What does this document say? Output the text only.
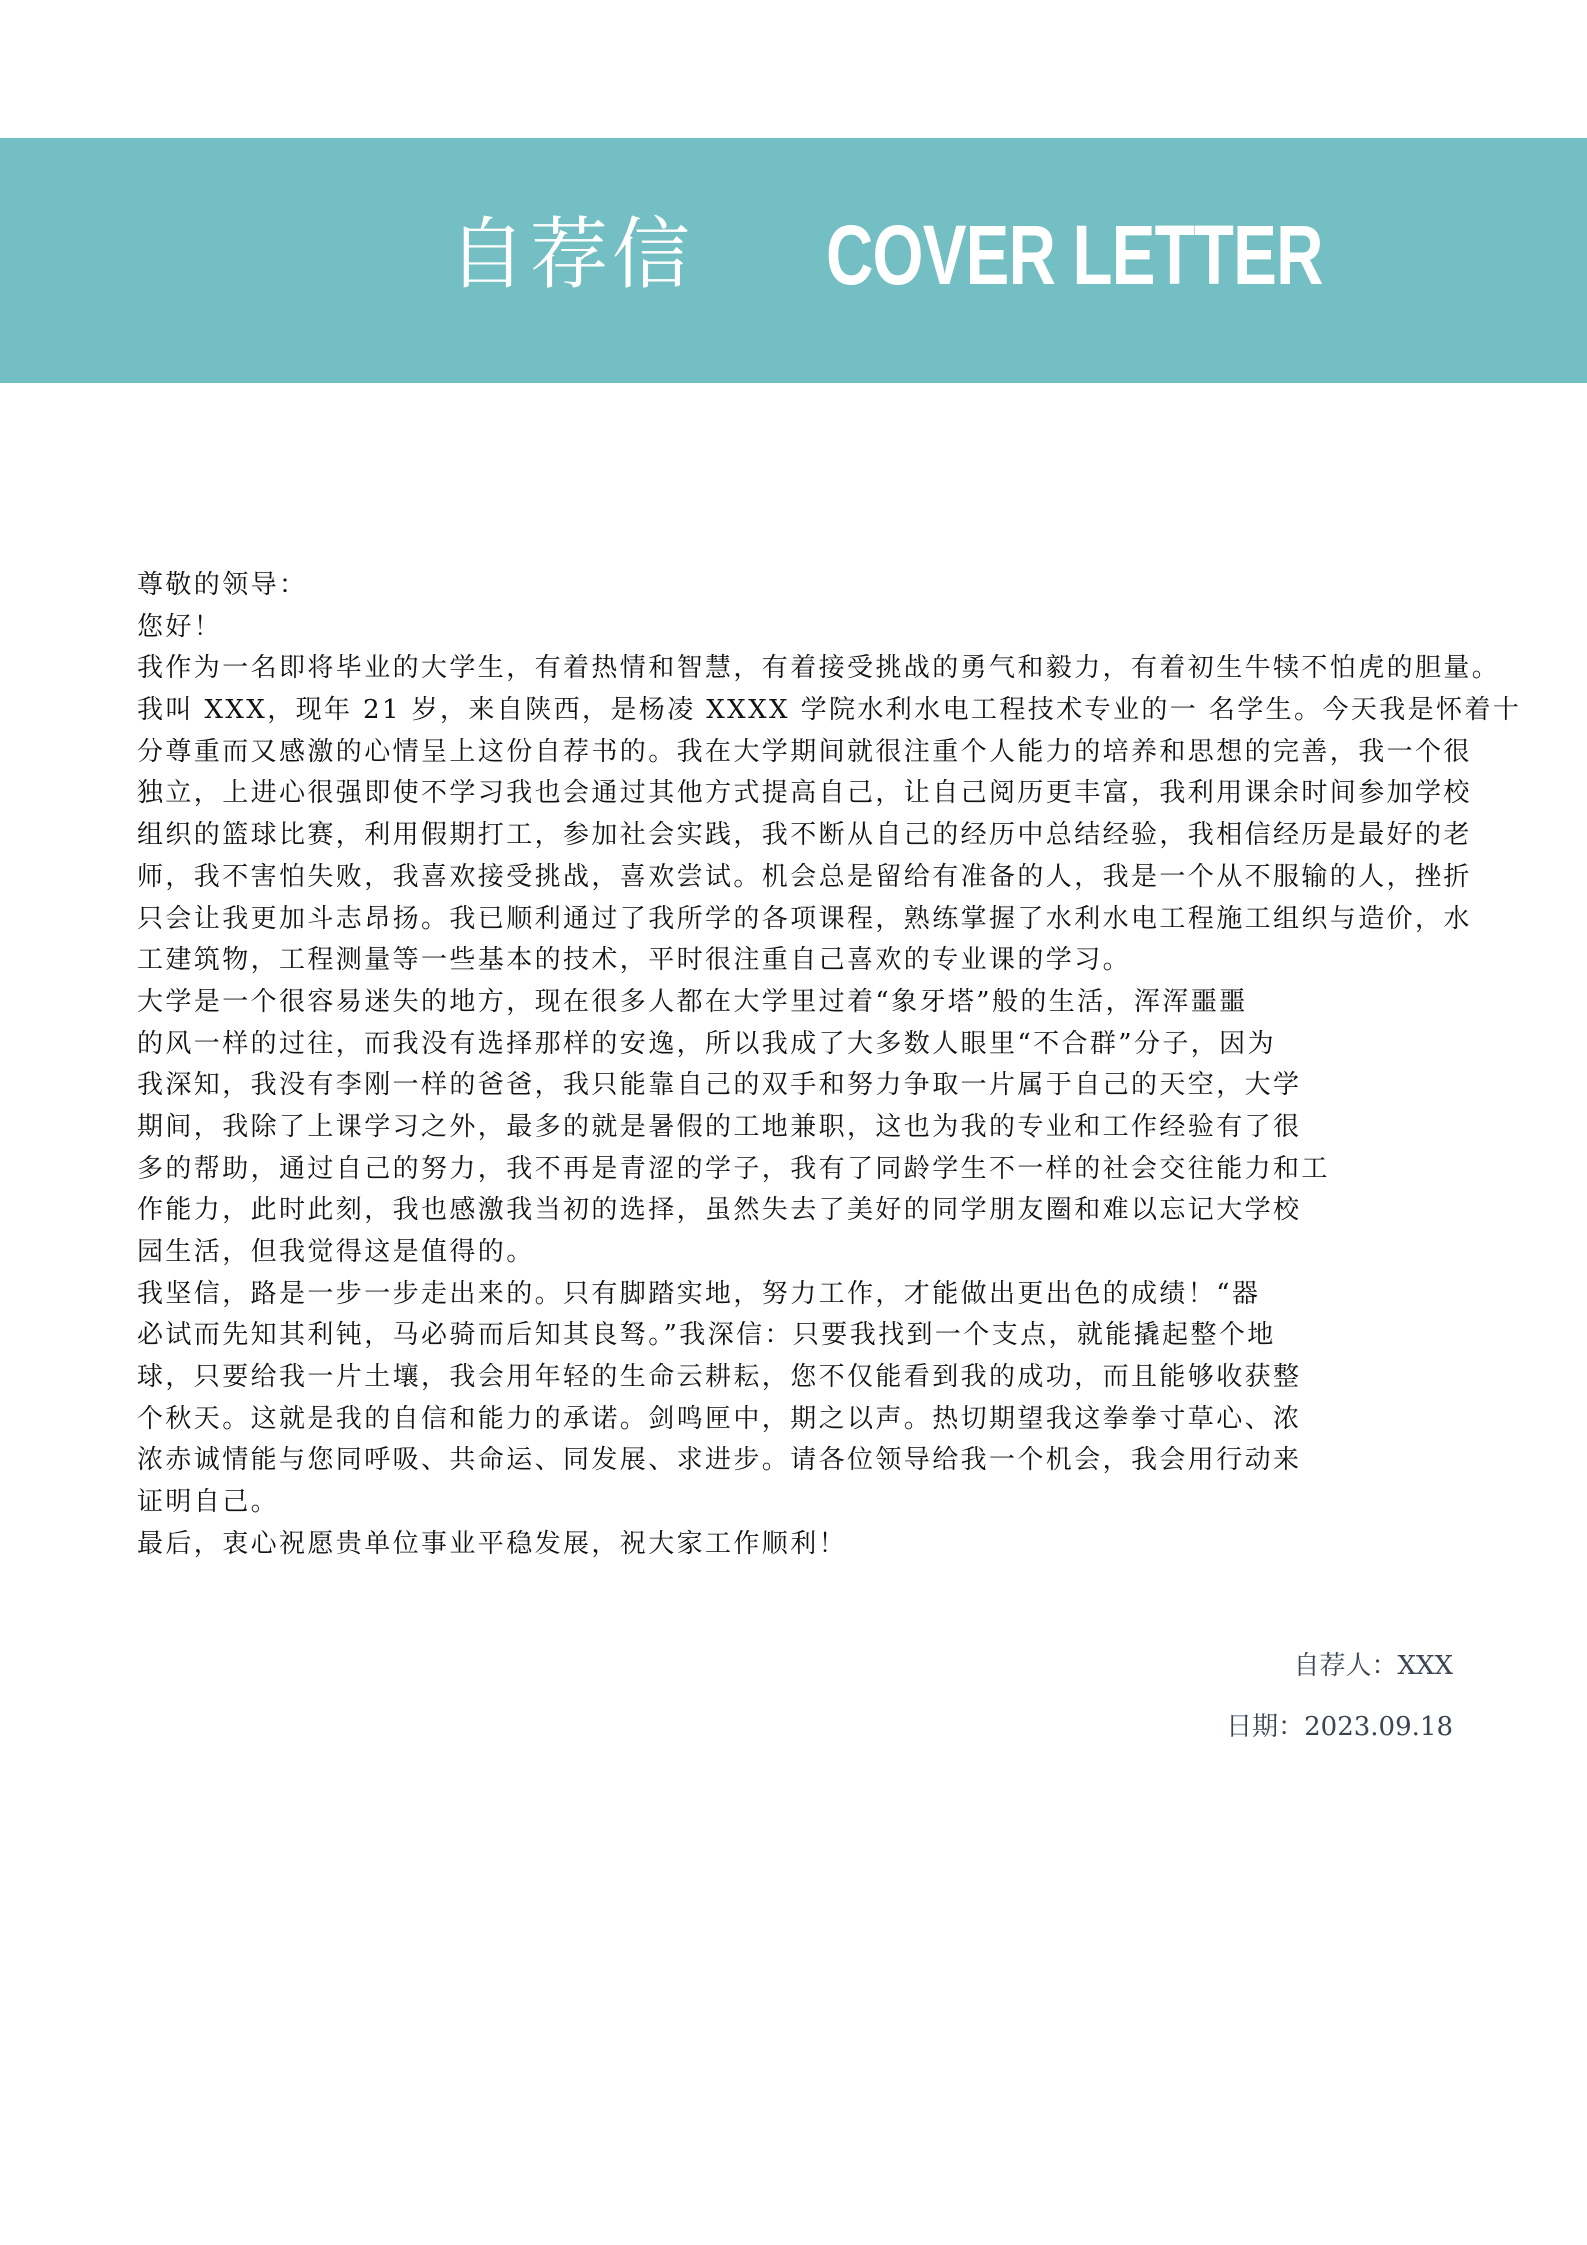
自荐信 COVER LETTER
尊敬的领导：
您好！
我作为一名即将毕业的大学生，有着热情和智慧，有着接受挑战的勇气和毅力，有着初生牛犊不怕虎的胆量。
我叫 XXX，现年 21 岁，来自陕西，是杨凌 XXXX 学院水利水电工程技术专业的一 名学生。今天我是怀着十
分尊重而又感激的心情呈上这份自荐书的。我在大学期间就很注重个人能力的培养和思想的完善，我一个很
独立，上进心很强即使不学习我也会通过其他方式提高自己，让自己阅历更丰富，我利用课余时间参加学校
组织的篮球比赛，利用假期打工，参加社会实践，我不断从自己的经历中总结经验，我相信经历是最好的老
师，我不害怕失败，我喜欢接受挑战，喜欢尝试。机会总是留给有准备的人，我是一个从不服输的人，挫折
只会让我更加斗志昂扬。我已顺利通过了我所学的各项课程，熟练掌握了水利水电工程施工组织与造价，水
工建筑物，工程测量等一些基本的技术，平时很注重自己喜欢的专业课的学习。
大学是一个很容易迷失的地方，现在很多人都在大学里过着“象牙塔”般的生活，浑浑噩噩
的风一样的过往，而我没有选择那样的安逸，所以我成了大多数人眼里“不合群”分子，因为
我深知，我没有李刚一样的爸爸，我只能靠自己的双手和努力争取一片属于自己的天空，大学
期间，我除了上课学习之外，最多的就是暑假的工地兼职，这也为我的专业和工作经验有了很
多的帮助，通过自己的努力，我不再是青涩的学子，我有了同龄学生不一样的社会交往能力和工
作能力，此时此刻，我也感激我当初的选择，虽然失去了美好的同学朋友圈和难以忘记大学校
园生活，但我觉得这是值得的。
我坚信，路是一步一步走出来的。只有脚踏实地，努力工作，才能做出更出色的成绩！“器
必试而先知其利钝，马必骑而后知其良驽。”我深信：只要我找到一个支点，就能撬起整个地
球，只要给我一片土壤，我会用年轻的生命云耕耘，您不仅能看到我的成功，而且能够收获整
个秋天。这就是我的自信和能力的承诺。剑鸣匣中，期之以声。热切期望我这拳拳寸草心、浓
浓赤诚情能与您同呼吸、共命运、同发展、求进步。请各位领导给我一个机会，我会用行动来
证明自己。
最后，衷心祝愿贵单位事业平稳发展，祝大家工作顺利！
自荐人：XXX
日期：2023.09.18
